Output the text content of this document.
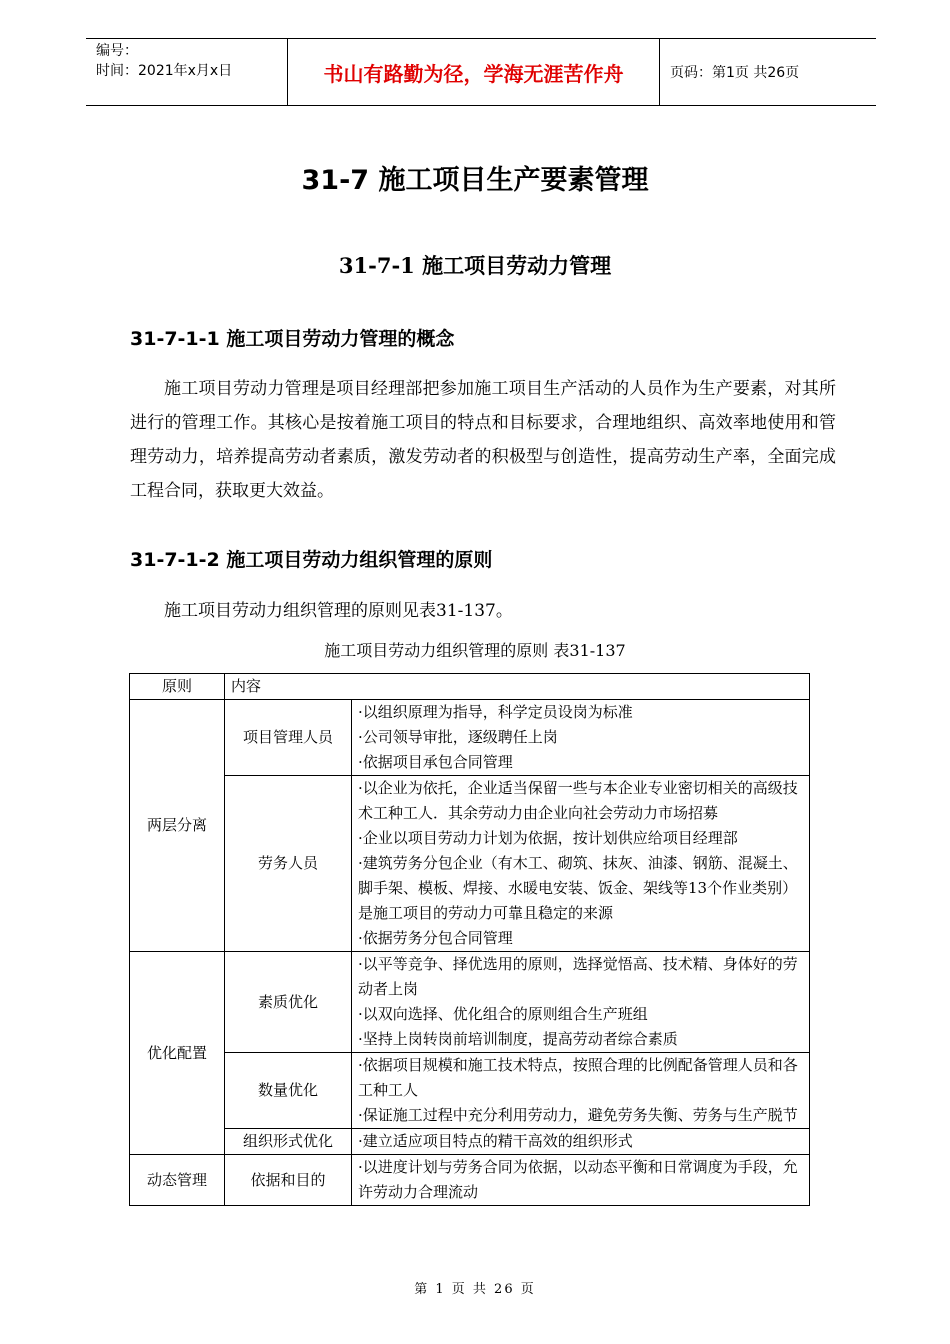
编号：
时间：2021年x月x日	书山有路勤为径，学海无涯苦作舟	页码：第1页 共26页
31-7 施工项目生产要素管理
31-7-1 施工项目劳动力管理
31-7-1-1 施工项目劳动力管理的概念
施工项目劳动力管理是项目经理部把参加施工项目生产活动的人员作为生产要素，对其所进行的管理工作。其核心是按着施工项目的特点和目标要求，合理地组织、高效率地使用和管理劳动力，培养提高劳动者素质，激发劳动者的积极型与创造性，提高劳动生产率，全面完成工程合同，获取更大效益。
31-7-1-2 施工项目劳动力组织管理的原则
施工项目劳动力组织管理的原则见表31-137。
施工项目劳动力组织管理的原则 表31-137
原则	内容	
两层分离	项目管理人员	·以组织原理为指导，科学定员设岗为标准
·公司领导审批，逐级聘任上岗
·依据项目承包合同管理

	劳务人员	·以企业为依托，企业适当保留一些与本企业专业密切相关的高级技术工种工人．其余劳动力由企业向社会劳动力市场招募
·企业以项目劳动力计划为依据，按计划供应给项目经理部
·建筑劳务分包企业（有木工、砌筑、抹灰、油漆、钢筋、混凝土、脚手架、模板、焊接、水暖电安装、饭金、架线等13个作业类别）是施工项目的劳动力可靠且稳定的来源
·依据劳务分包合同管理

优化配置	素质优化	·以平等竞争、择优选用的原则，选择觉悟高、技术精、身体好的劳动者上岗
·以双向选择、优化组合的原则组合生产班组
·坚持上岗转岗前培训制度，提高劳动者综合素质

	数量优化	·依据项目规模和施工技术特点，按照合理的比例配备管理人员和各工种工人
·保证施工过程中充分利用劳动力，避免劳务失衡、劳务与生产脱节

	组织形式优化	·建立适应项目特点的精干高效的组织形式

动态管理	依据和目的	·以进度计划与劳务合同为依据，以动态平衡和日常调度为手段，允许劳动力合理流动
第 1 页 共 26 页
